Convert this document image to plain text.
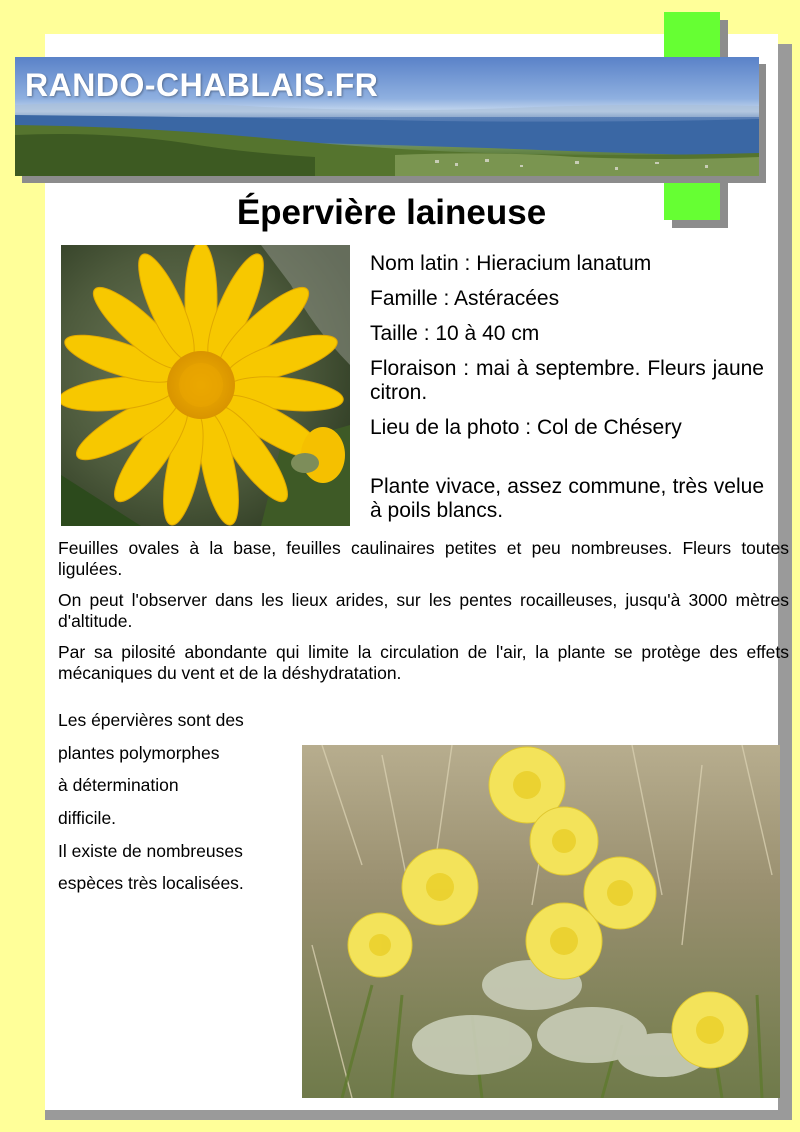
RANDO-CHABLAIS.FR
Épervière laineuse
Nom latin : Hieracium lanatum
Famille : Astéracées
Taille : 10 à 40 cm
Floraison : mai à septembre. Fleurs jaune citron.
Lieu de la photo : Col de Chésery
Plante vivace, assez commune, très velue à poils blancs.

Feuilles ovales à la base, feuilles caulinaires petites et peu nombreuses. Fleurs toutes ligulées.

On peut l'observer dans les lieux arides, sur les pentes rocailleuses, jusqu'à 3000 mètres d'altitude.

Par sa pilosité abondante qui limite la circulation de l'air, la plante se protège des effets mécaniques du vent et de la déshydratation.

Les épervières sont des
plantes polymorphes
à détermination
difficile.
Il existe de nombreuses
espèces très localisées.
